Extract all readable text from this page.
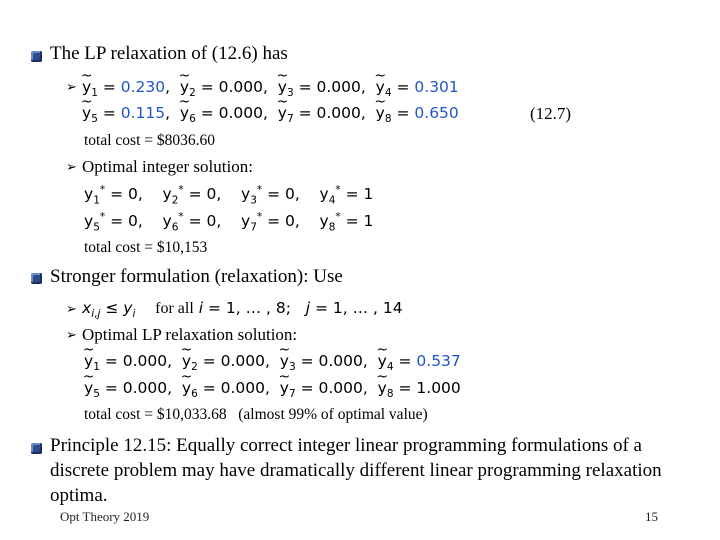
The LP relaxation of (12.6) has
➢
~ $y_1 = 0.230$,  ~ $y_2 = 0.000$,  ~ $y_3 = 0.000$,  ~ $y_4 = 0.301$
~ $y_5 = 0.115$,  ~ $y_6 = 0.000$,  ~ $y_7 = 0.000$,  ~ $y_8 = 0.650$	(12.7)
total cost = $8036.60
➢ Optimal integer solution:
$y_1^* = 0$,    $y_2^* = 0$,    $y_3^* = 0$,    $y_4^* = 1$
$y_5^* = 0$,    $y_6^* = 0$,    $y_7^* = 0$,    $y_8^* = 1$
total cost = $10,153
Stronger formulation (relaxation): Use
➢ $x_{i,j} \le y_i$ for all i = 1, … , 8; j = 1, … , 14
➢ Optimal LP relaxation solution:
~ $y_1 = 0.000$,  ~ $y_2 = 0.000$,  ~ $y_3 = 0.000$,  ~ $y_4 = 0.537$
~ $y_5 = 0.000$,  ~ $y_6 = 0.000$,  ~ $y_7 = 0.000$,  ~ $y_8 = 1.000$
total cost = $10,033.68 (almost 99% of optimal value)
Principle 12.15: Equally correct integer linear programming formulations of a
discrete problem may have dramatically different linear programming relaxation
optima.
Opt Theory 2019	15
